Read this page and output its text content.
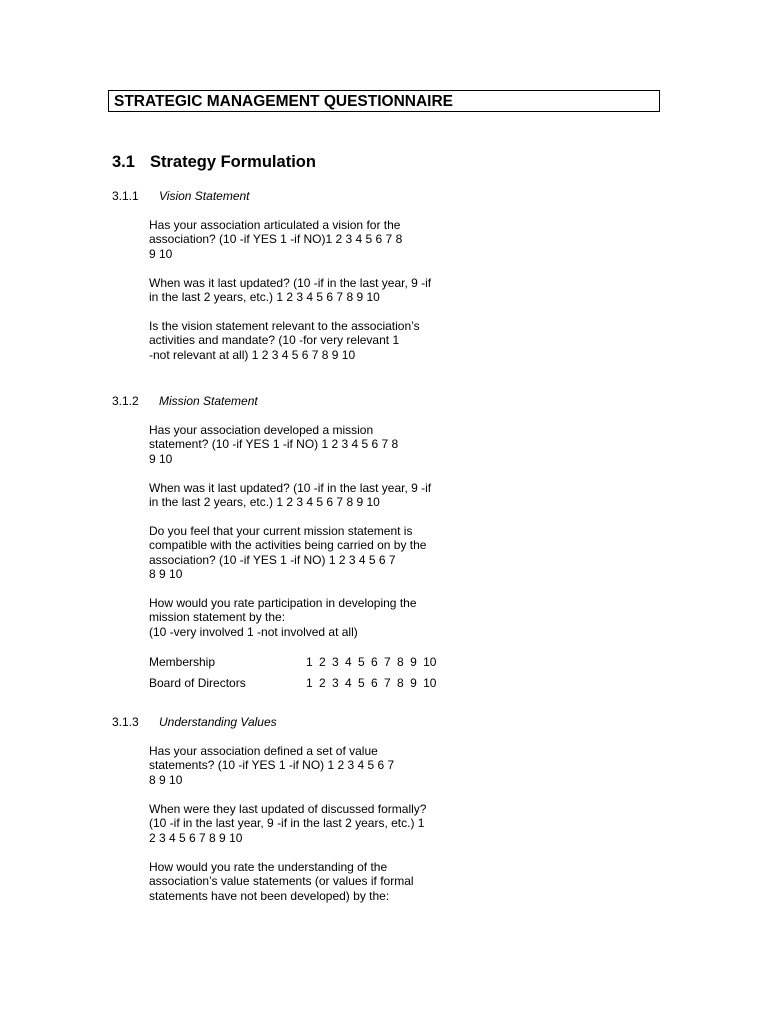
STRATEGIC MANAGEMENT QUESTIONNAIRE
3.1 Strategy Formulation
3.1.1 Vision Statement
Has your association articulated a vision for the
association? (10 -if YES 1 -if NO)1 2 3 4 5 6 7 8
9 10
When was it last updated? (10 -if in the last year, 9 -if
in the last 2 years, etc.) 1 2 3 4 5 6 7 8 9 10
Is the vision statement relevant to the association’s
activities and mandate? (10 -for very relevant 1
-not relevant at all) 1 2 3 4 5 6 7 8 9 10
3.1.2 Mission Statement
Has your association developed a mission
statement? (10 -if YES 1 -if NO) 1 2 3 4 5 6 7 8
9 10
When was it last updated? (10 -if in the last year, 9 -if
in the last 2 years, etc.) 1 2 3 4 5 6 7 8 9 10
Do you feel that your current mission statement is
compatible with the activities being carried on by the
association? (10 -if YES 1 -if NO) 1 2 3 4 5 6 7
8 9 10
How would you rate participation in developing the
mission statement by the:
(10 -very involved 1 -not involved at all)
Membership	1 2 3 4 5 6 7 8 9 10
Board of Directors	1 2 3 4 5 6 7 8 9 10
3.1.3 Understanding Values
Has your association defined a set of value
statements? (10 -if YES 1 -if NO) 1 2 3 4 5 6 7
8 9 10
When were they last updated of discussed formally?
(10 -if in the last year, 9 -if in the last 2 years, etc.) 1
2 3 4 5 6 7 8 9 10
How would you rate the understanding of the
association’s value statements (or values if formal
statements have not been developed) by the:
